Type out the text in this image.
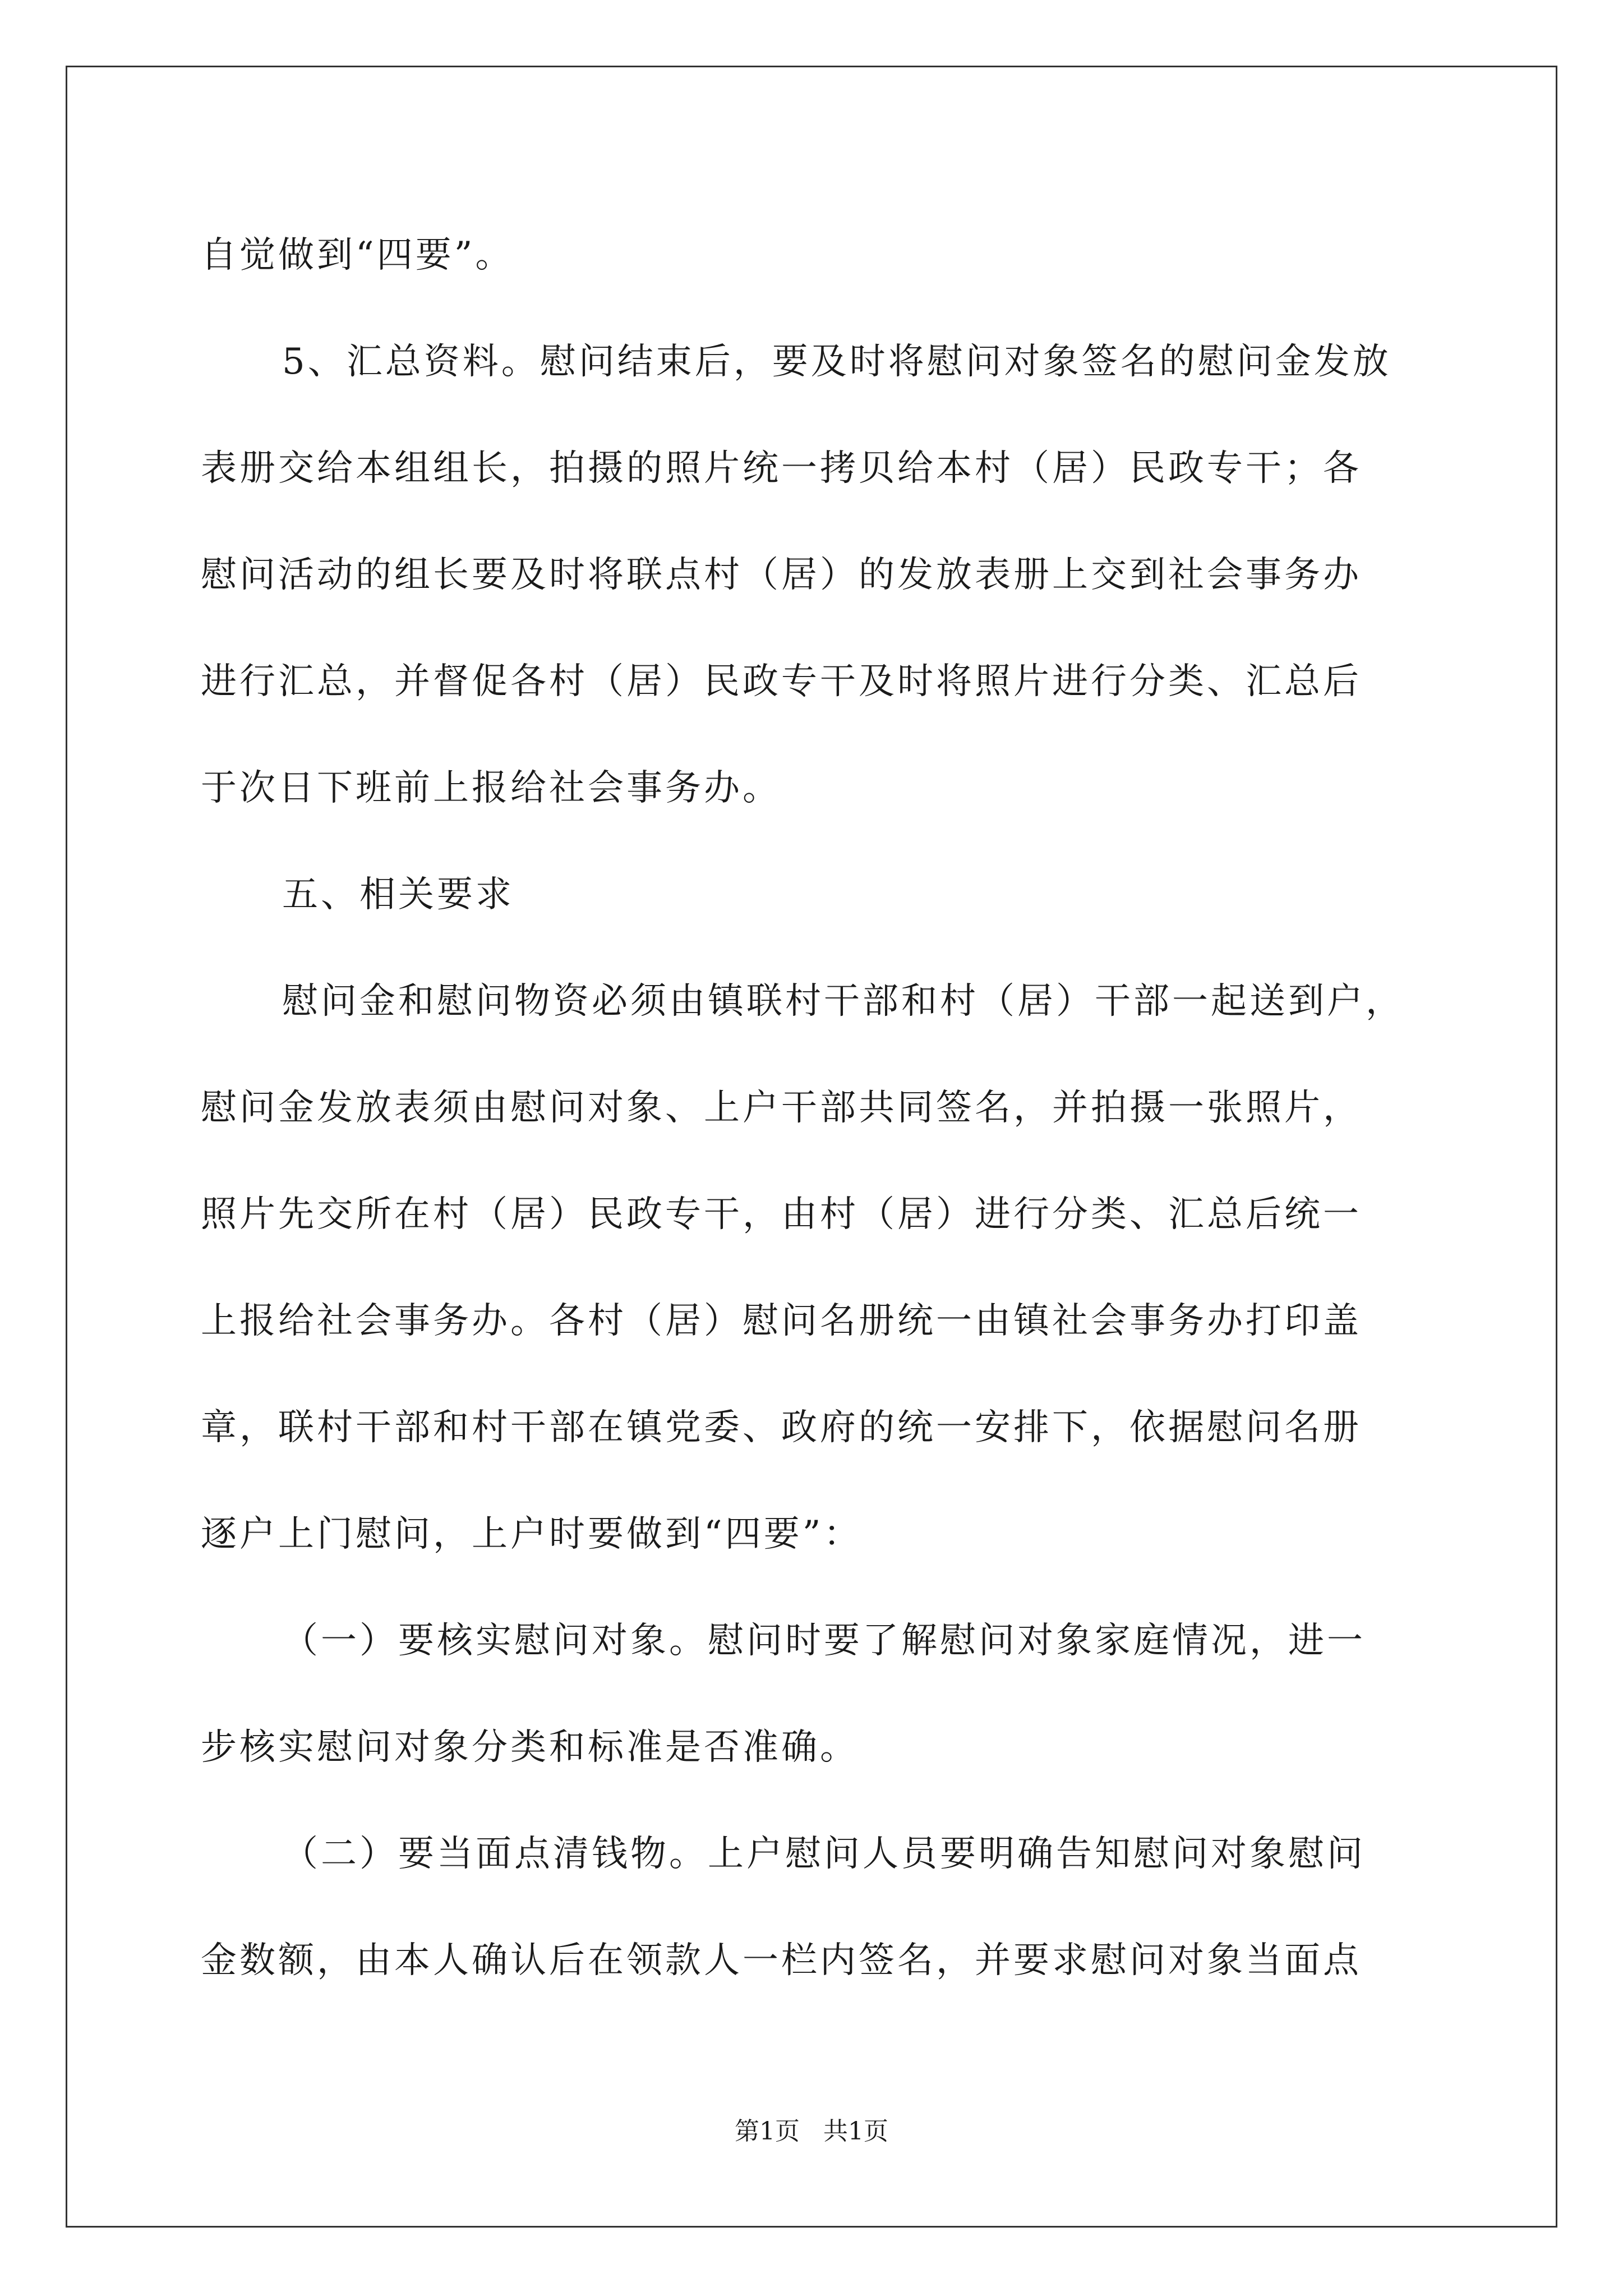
自觉做到“四要”。
5、汇总资料。慰问结束后，要及时将慰问对象签名的慰问金发放
表册交给本组组长，拍摄的照片统一拷贝给本村（居）民政专干；各
慰问活动的组长要及时将联点村（居）的发放表册上交到社会事务办
进行汇总，并督促各村（居）民政专干及时将照片进行分类、汇总后
于次日下班前上报给社会事务办。
五、相关要求
慰问金和慰问物资必须由镇联村干部和村（居）干部一起送到户，
慰问金发放表须由慰问对象、上户干部共同签名，并拍摄一张照片，
照片先交所在村（居）民政专干，由村（居）进行分类、汇总后统一
上报给社会事务办。各村（居）慰问名册统一由镇社会事务办打印盖
章，联村干部和村干部在镇党委、政府的统一安排下，依据慰问名册
逐户上门慰问，上户时要做到“四要”：
（一）要核实慰问对象。慰问时要了解慰问对象家庭情况，进一
步核实慰问对象分类和标准是否准确。
（二）要当面点清钱物。上户慰问人员要明确告知慰问对象慰问
金数额，由本人确认后在领款人一栏内签名，并要求慰问对象当面点
第1页   共1页
